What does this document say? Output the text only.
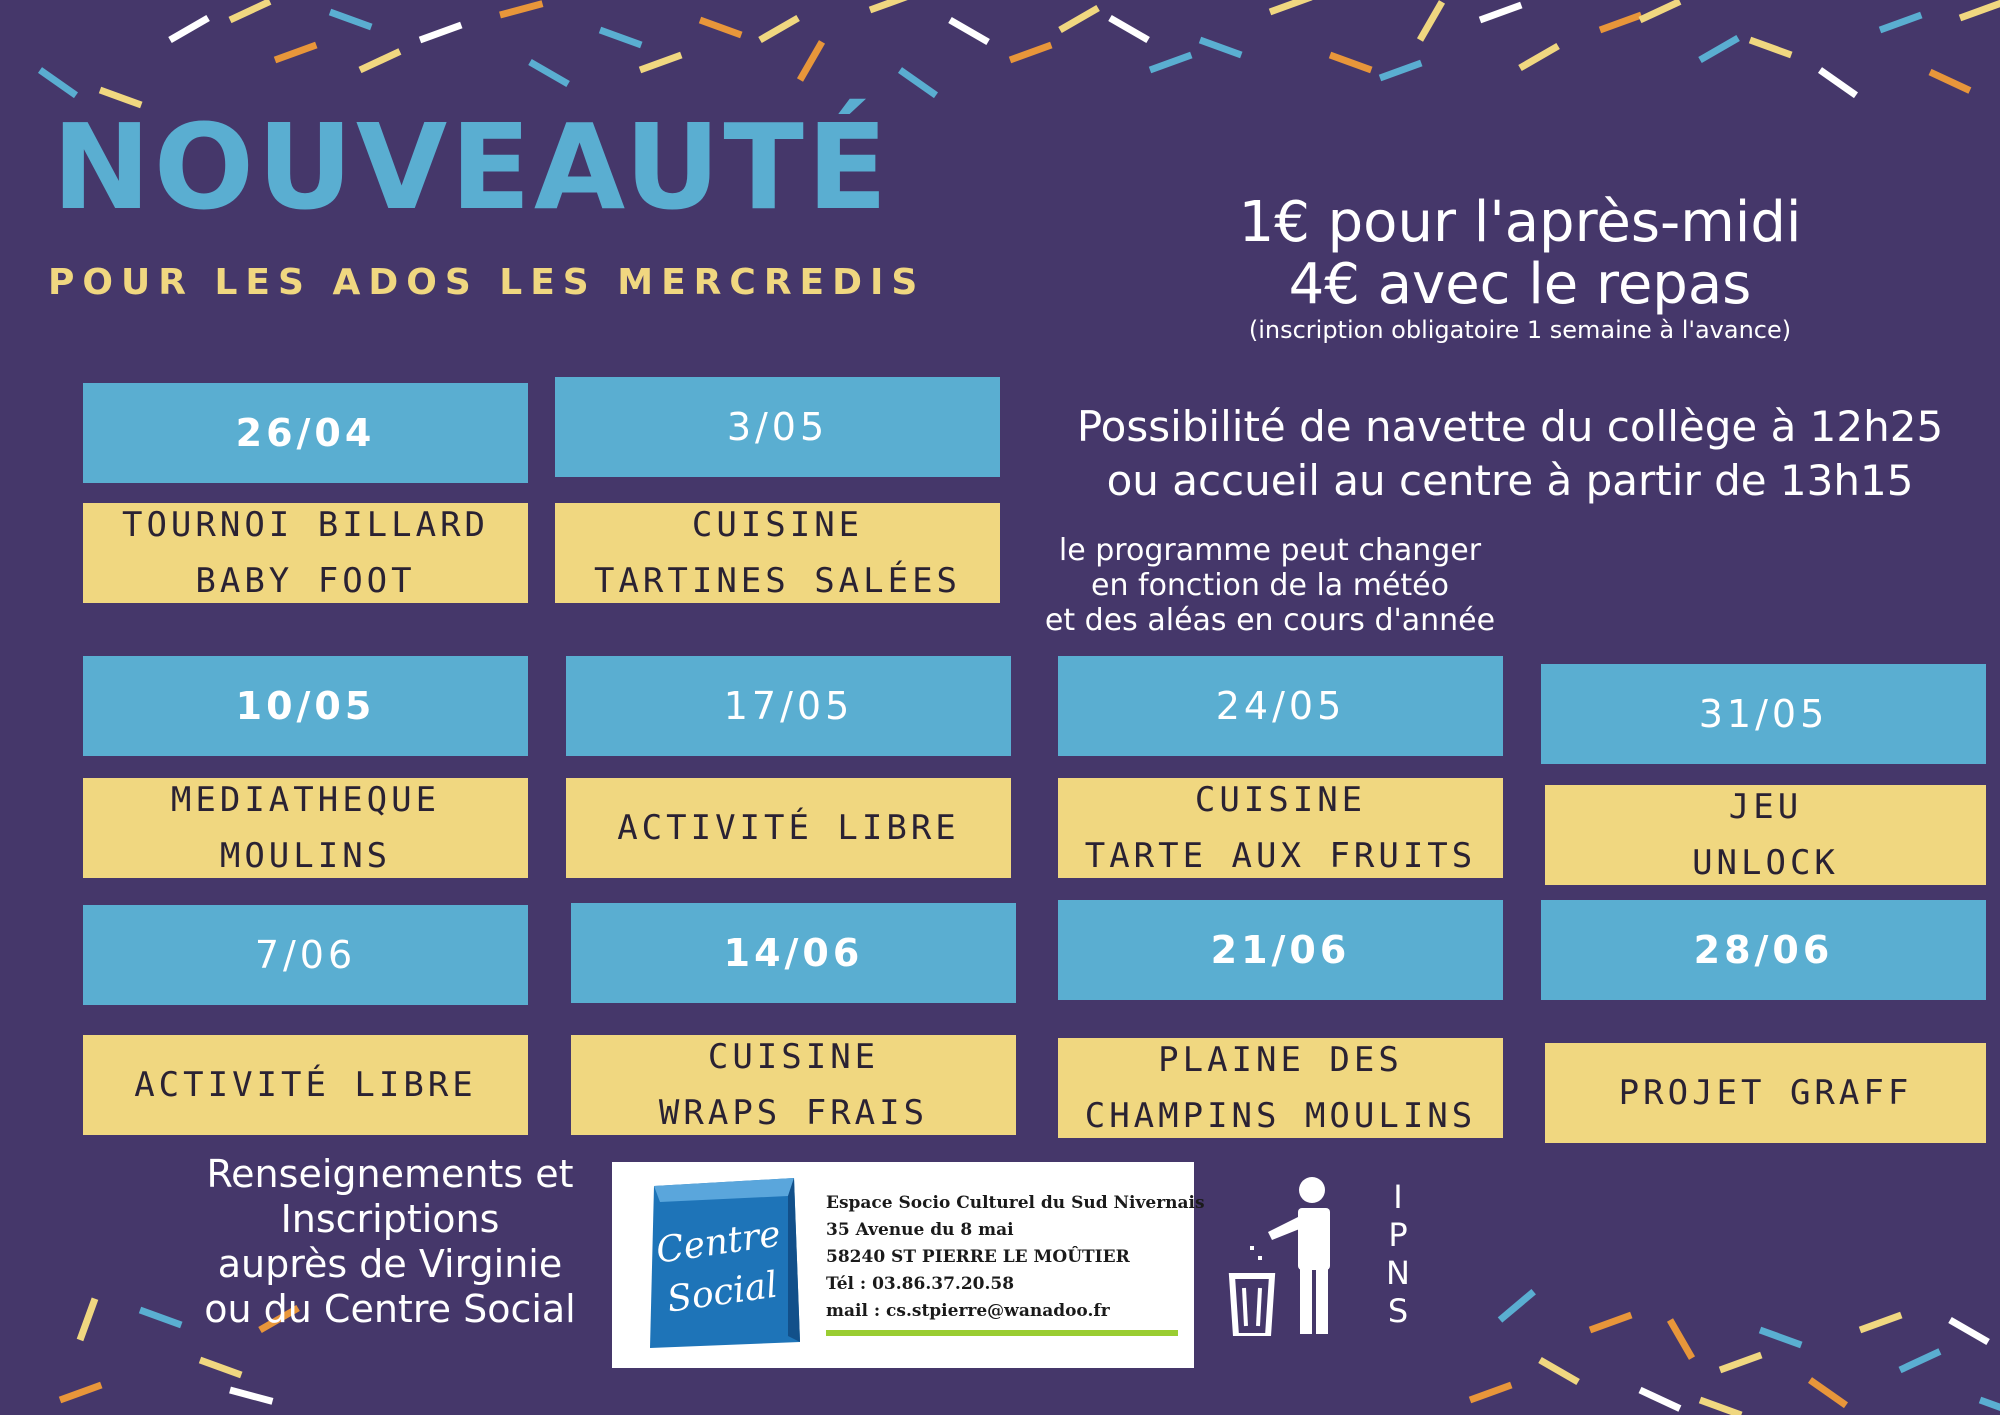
NOUVEAUTÉ
POUR LES ADOS LES MERCREDIS
1€ pour l'après-midi
4€ avec le repas
(inscription obligatoire 1 semaine à l'avance)
Possibilité de navette du collège à 12h25
ou accueil au centre à partir de 13h15
le programme peut changer
en fonction de la météo
et des aléas en cours d'année
26/04
TOURNOI BILLARD
BABY FOOT
3/05
CUISINE
TARTINES SALÉES
10/05
MEDIATHEQUE
MOULINS
17/05
ACTIVITÉ LIBRE
24/05
CUISINE
TARTE AUX FRUITS
31/05
JEU
UNLOCK
7/06
ACTIVITÉ LIBRE
14/06
CUISINE
WRAPS FRAIS
21/06
PLAINE DES
CHAMPINS MOULINS
28/06
PROJET GRAFF
Renseignements et
Inscriptions
auprès de Virginie
ou du Centre Social
Centre
Social
Espace Socio Culturel du Sud Nivernais
35 Avenue du 8 mai
58240 ST PIERRE LE MOÛTIER
Tél : 03.86.37.20.58
mail : cs.stpierre@wanadoo.fr
I
P
N
S
